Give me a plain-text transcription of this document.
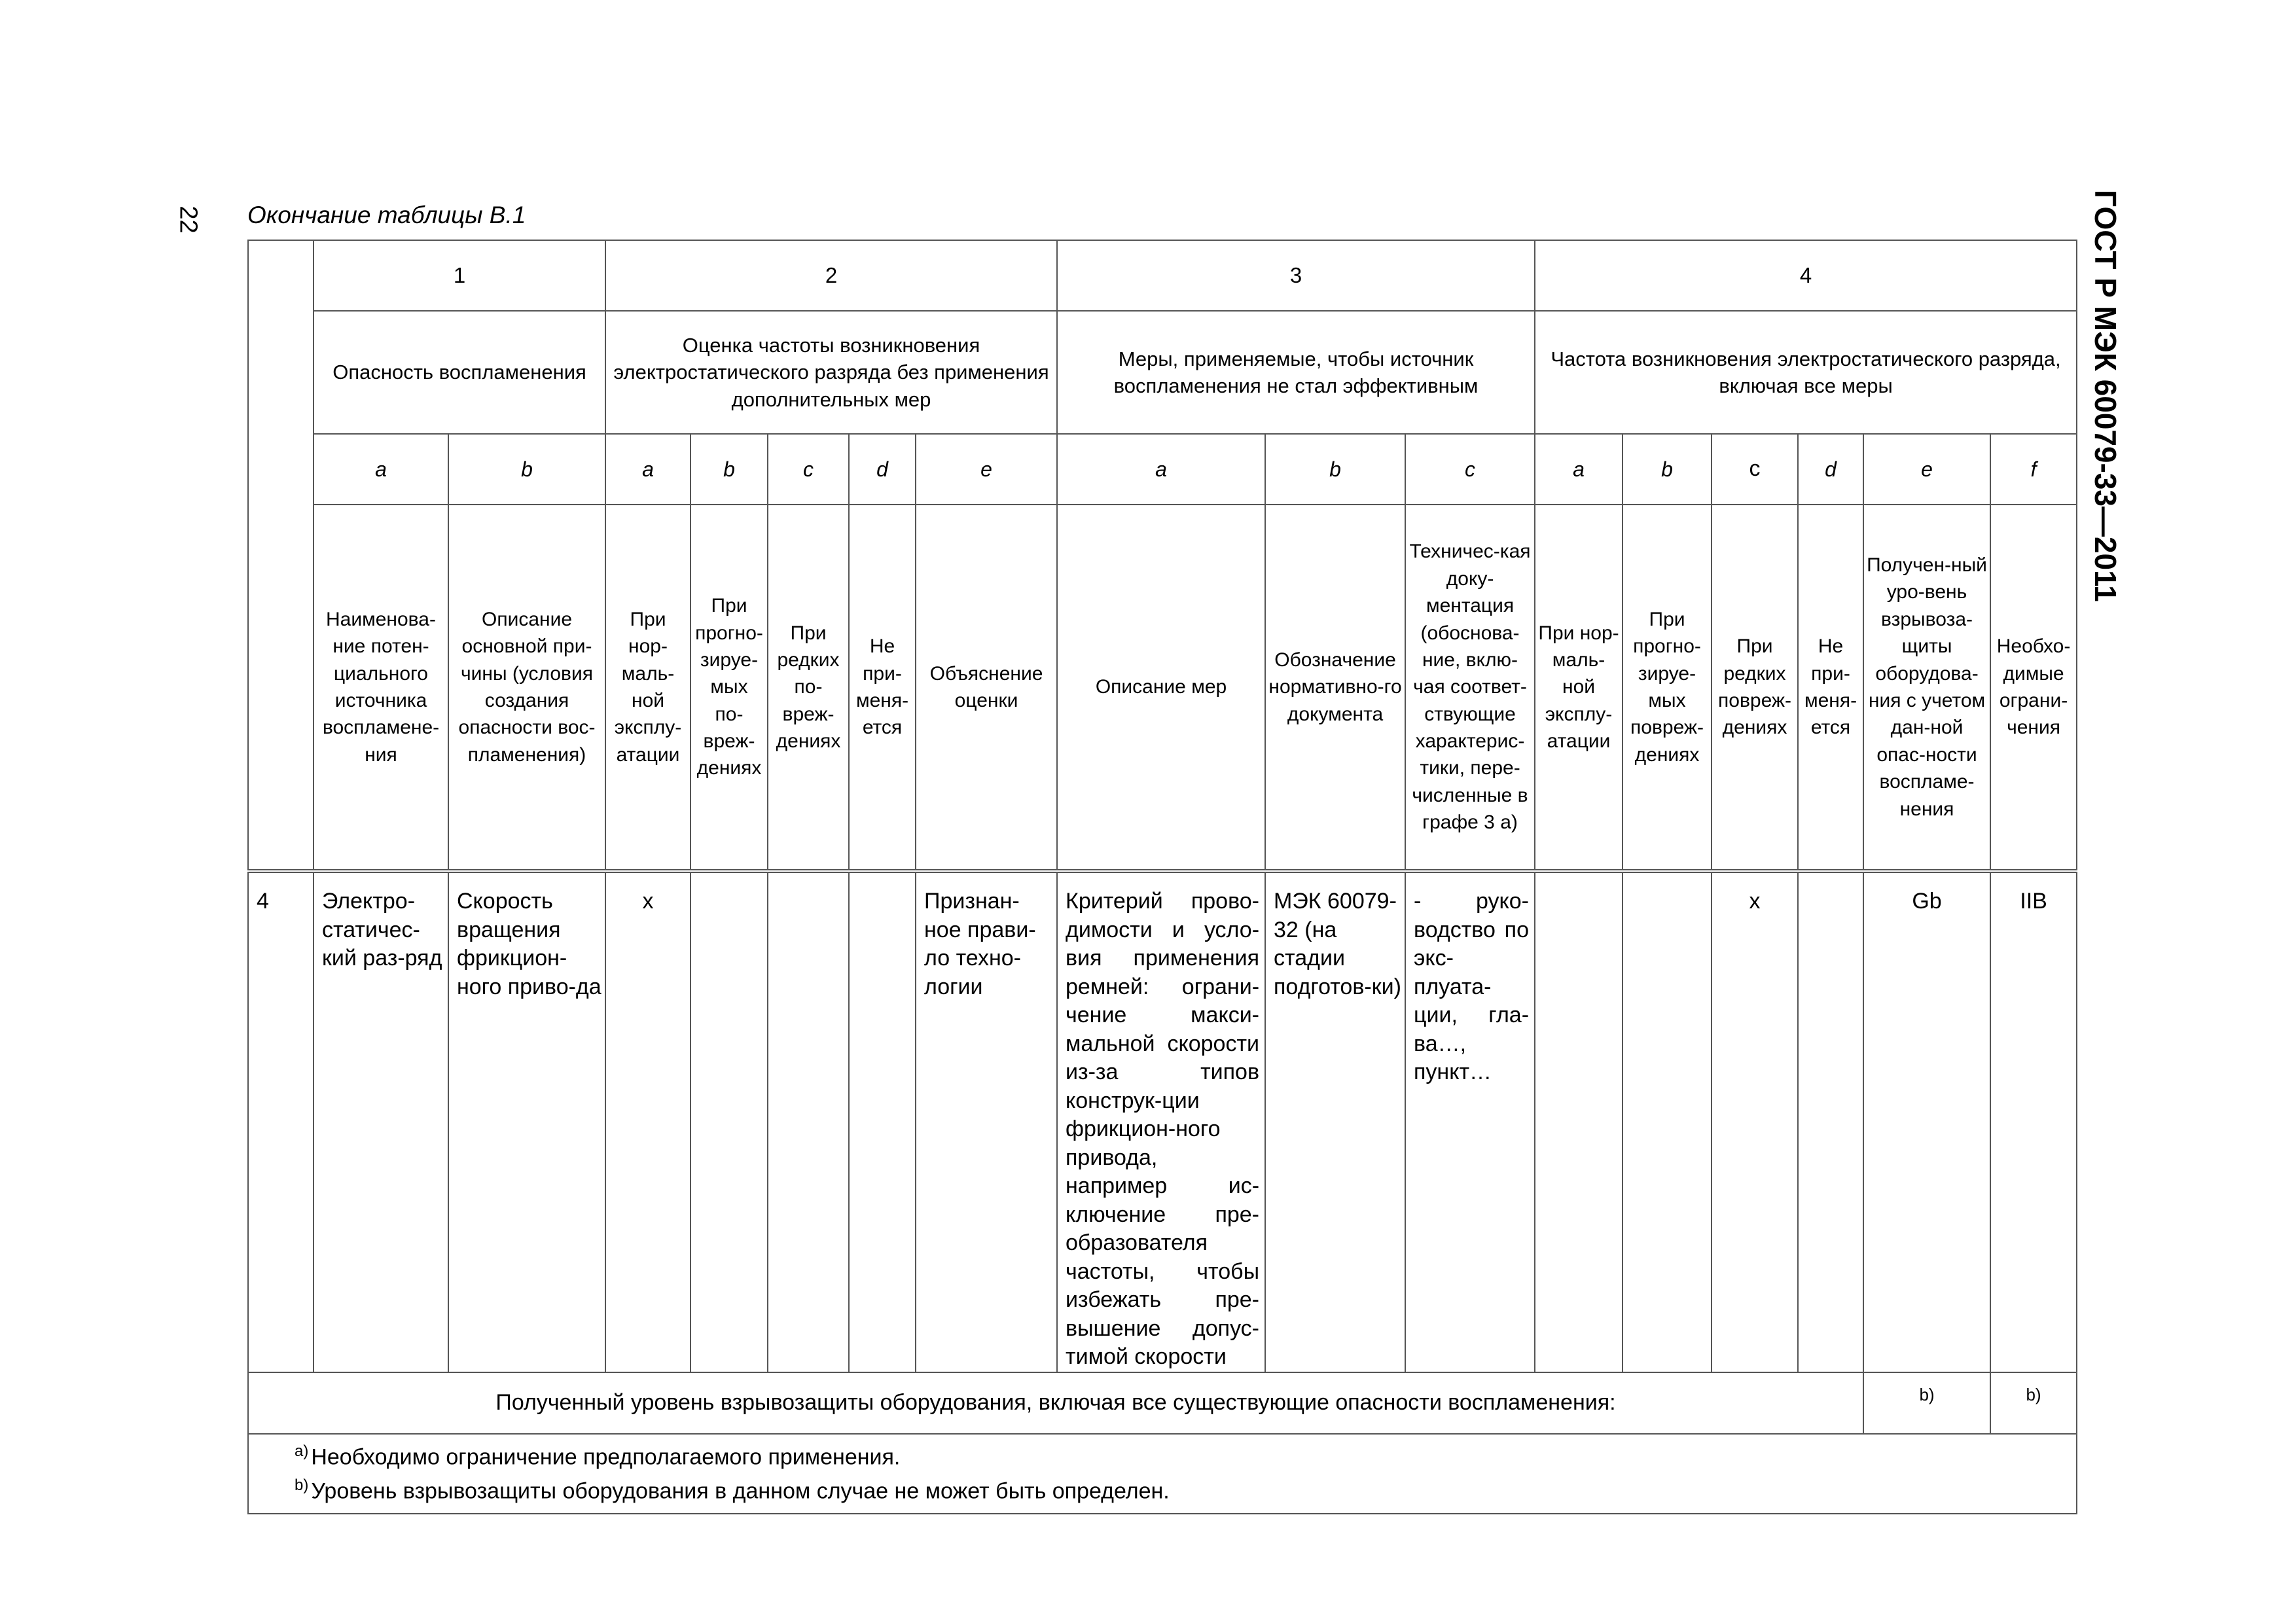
22	ГОСТ Р МЭК 60079-33—2011
Окончание таблицы В.1
	1		2					3			4					
	Опасность воспламенения		Оценка частоты возникновения электростатического разряда без применения дополнительных мер					Меры, применяемые, чтобы источник воспламенения не стал эффективным			Частота возникновения электростатического разряда, включая все меры					
	a	b	a	b	c	d	e	a	b	c	a	b	c	d	e	f
	Наименова-ние потен-циального источника воспламене-ния	Описание основной при-чины (условия создания опасности вос-пламенения)	При нор-маль-ной эксплу-атации	При прогно-зируе-мых по-вреж-дениях	При редких по-вреж-дениях	Не при-меня-ется	Объяснение оценки	Описание мер	Обозначение нормативно-го документа	Техничес-кая доку-ментация (обоснова-ние, вклю-чая соответ-ствующие характерис-тики, пере-численные в графе 3 а)	При нор-маль-ной эксплу-атации	При прогно-зируе-мых повреж-дениях	При редких повреж-дениях	Не при-меня-ется	Получен-ный уро-вень взрывоза-щиты оборудова-ния с учетом дан-ной опас-ности воспламе-нения	Необхо-димые ограни-чения
4	Электро-статичес-кий раз-ряд	Скорость вращения фрикцион-ного приво-да	x				Признан-ное прави-ло техно-логии	Критерий прово-димости и усло-вия применения ремней: ограни-чение макси-мальной скорости из-за типов конструк-ции фрикцион-ного привода, например ис-ключение пре-образователя частоты, чтобы избежать пре-вышение допус-тимой скорости	МЭК 60079-32 (на стадии подготов-ки)	- руко-водство по экс-плуата-ции, гла-ва…, пункт…			x		Gb	IIB
Полученный уровень взрывозащиты оборудования, включая все существующие опасности воспламенения:															b)	b)

$^{a)}$ Необходимо ограничение предполагаемого применения.
$^{b)}$ Уровень взрывозащиты оборудования в данном случае не может быть определен.																
